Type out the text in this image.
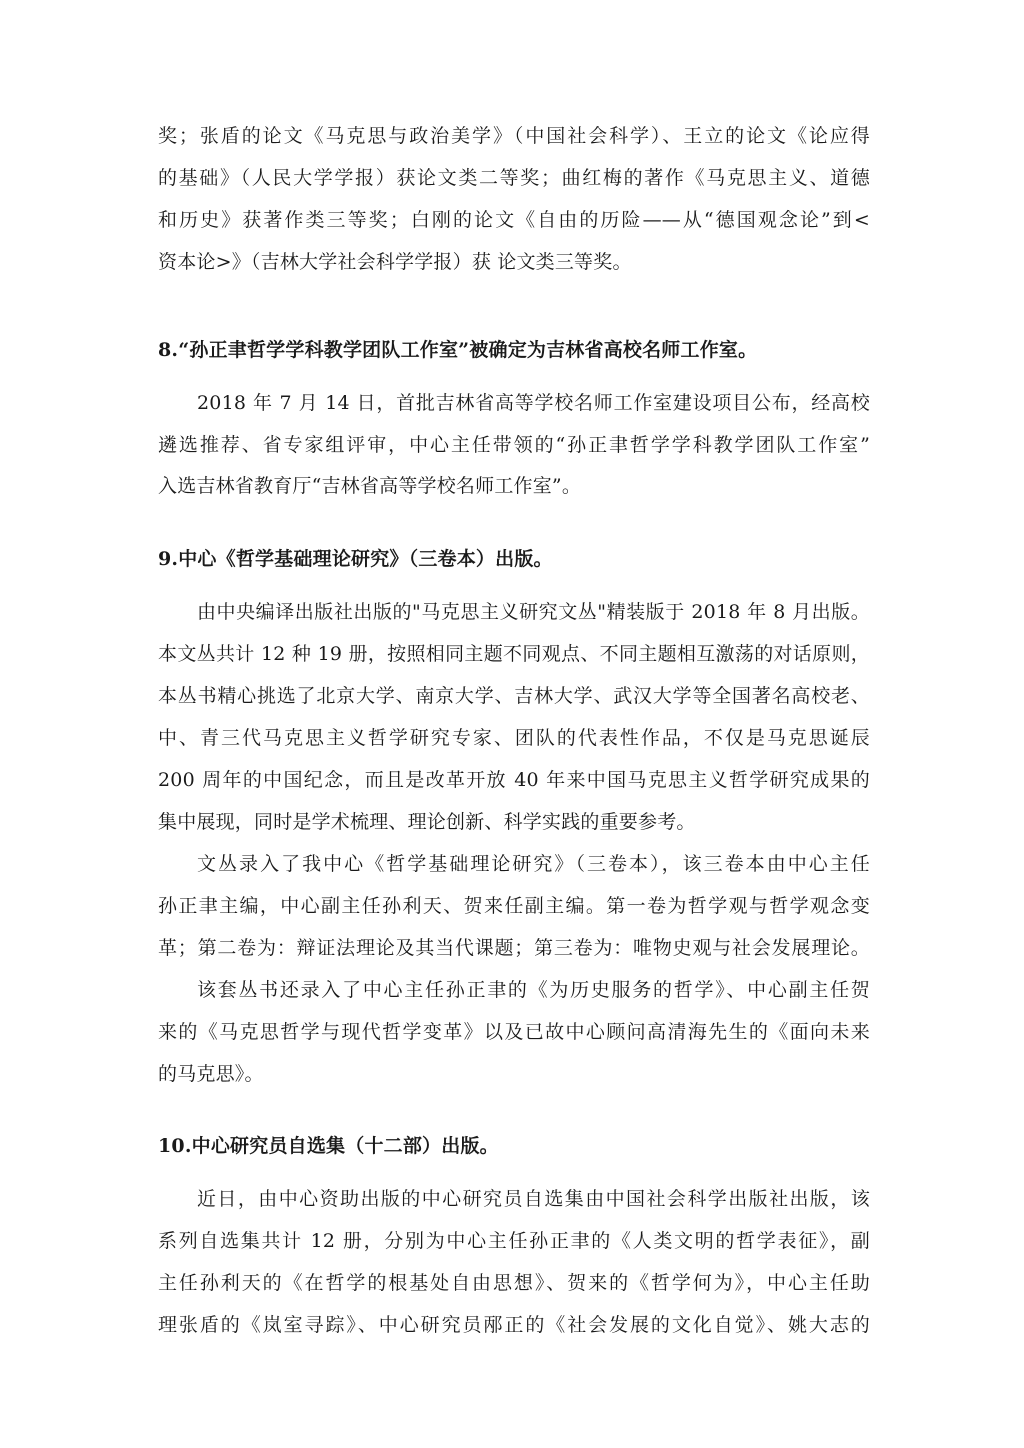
奖；张盾的论文《马克思与政治美学》（中国社会科学）、王立的论文《论应得
的基础》（人民大学学报）获论文类二等奖；曲红梅的著作《马克思主义、道德
和历史》获著作类三等奖；白刚的论文《自由的历险——从“德国观念论”到<
资本论>》（吉林大学社会科学学报）获 论文类三等奖。
8.“孙正聿哲学学科教学团队工作室”被确定为吉林省高校名师工作室。
2018 年 7 月 14 日，首批吉林省高等学校名师工作室建设项目公布，经高校
遴选推荐、省专家组评审，中心主任带领的“孙正聿哲学学科教学团队工作室”
入选吉林省教育厅“吉林省高等学校名师工作室”。
9.中心《哲学基础理论研究》（三卷本）出版。
由中央编译出版社出版的"马克思主义研究文丛"精装版于 2018 年 8 月出版。
本文丛共计 12 种 19 册，按照相同主题不同观点、不同主题相互激荡的对话原则，
本丛书精心挑选了北京大学、南京大学、吉林大学、武汉大学等全国著名高校老、
中、青三代马克思主义哲学研究专家、团队的代表性作品，不仅是马克思诞辰
200 周年的中国纪念，而且是改革开放 40 年来中国马克思主义哲学研究成果的
集中展现，同时是学术梳理、理论创新、科学实践的重要参考。
文丛录入了我中心《哲学基础理论研究》（三卷本），该三卷本由中心主任
孙正聿主编，中心副主任孙利天、贺来任副主编。第一卷为哲学观与哲学观念变
革；第二卷为：辩证法理论及其当代课题；第三卷为：唯物史观与社会发展理论。
该套丛书还录入了中心主任孙正聿的《为历史服务的哲学》、中心副主任贺
来的《马克思哲学与现代哲学变革》以及已故中心顾问高清海先生的《面向未来
的马克思》。
10.中心研究员自选集（十二部）出版。
近日，由中心资助出版的中心研究员自选集由中国社会科学出版社出版，该
系列自选集共计 12 册，分别为中心主任孙正聿的《人类文明的哲学表征》，副
主任孙利天的《在哲学的根基处自由思想》、贺来的《哲学何为》，中心主任助
理张盾的《岚室寻踪》、中心研究员邴正的《社会发展的文化自觉》、姚大志的
